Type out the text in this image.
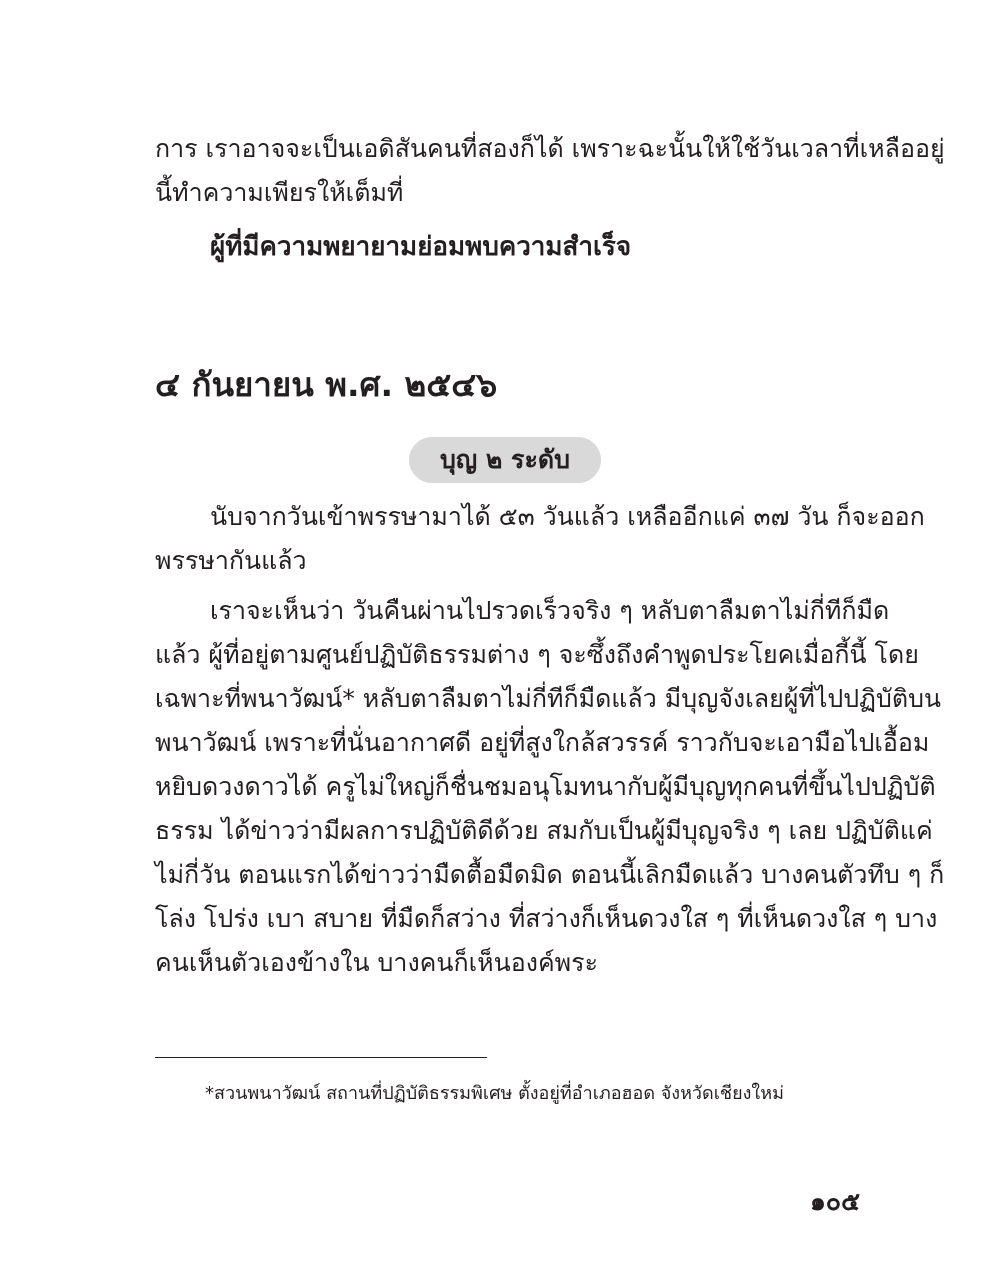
การ เราอาจจะเป็นเอดิสันคนที่สองก็ได้ เพราะฉะนั้นให้ใช้วันเวลาที่เหลืออยู่
นี้ทำความเพียรให้เต็มที่
ผู้ที่มีความพยายามย่อมพบความสำเร็จ
๔ กันยายน พ.ศ. ๒๕๔๖
บุญ ๒ ระดับ
นับจากวันเข้าพรรษามาได้ ๕๓ วันแล้ว เหลืออีกแค่ ๓๗ วัน ก็จะออก
พรรษากันแล้ว
เราจะเห็นว่า วันคืนผ่านไปรวดเร็วจริง ๆ หลับตาลืมตาไม่กี่ทีก็มืด
แล้ว ผู้ที่อยู่ตามศูนย์ปฏิบัติธรรมต่าง ๆ จะซึ้งถึงคำพูดประโยคเมื่อกี้นี้ โดย
เฉพาะที่พนาวัฒน์* หลับตาลืมตาไม่กี่ทีก็มืดแล้ว มีบุญจังเลยผู้ที่ไปปฏิบัติบน
พนาวัฒน์ เพราะที่นั่นอากาศดี อยู่ที่สูงใกล้สวรรค์ ราวกับจะเอามือไปเอื้อม
หยิบดวงดาวได้ ครูไม่ใหญ่ก็ชื่นชมอนุโมทนากับผู้มีบุญทุกคนที่ขึ้นไปปฏิบัติ
ธรรม ได้ข่าวว่ามีผลการปฏิบัติดีด้วย สมกับเป็นผู้มีบุญจริง ๆ เลย ปฏิบัติแค่
ไม่กี่วัน ตอนแรกได้ข่าวว่ามืดตื้อมืดมิด ตอนนี้เลิกมืดแล้ว บางคนตัวทึบ ๆ ก็
โล่ง โปร่ง เบา สบาย ที่มืดก็สว่าง ที่สว่างก็เห็นดวงใส ๆ ที่เห็นดวงใส ๆ บาง
คนเห็นตัวเองข้างใน บางคนก็เห็นองค์พระ
*สวนพนาวัฒน์ สถานที่ปฏิบัติธรรมพิเศษ ตั้งอยู่ที่อำเภอฮอด จังหวัดเชียงใหม่
๑๐๕
